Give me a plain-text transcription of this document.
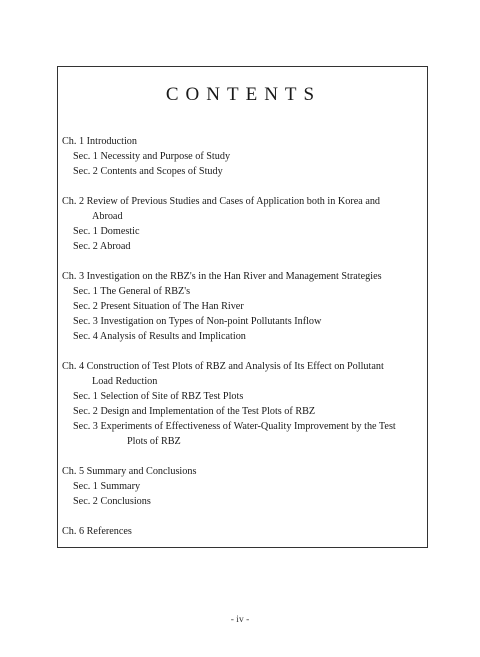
CONTENTS
Ch. 1 Introduction
Sec. 1 Necessity and Purpose of Study
Sec. 2 Contents and Scopes of Study
Ch. 2 Review of Previous Studies and Cases of Application both in Korea and
Abroad
Sec. 1 Domestic
Sec. 2 Abroad
Ch. 3 Investigation on the RBZ's in the Han River and Management Strategies
Sec. 1 The General of RBZ's
Sec. 2 Present Situation of The Han River
Sec. 3 Investigation on Types of Non-point Pollutants Inflow
Sec. 4 Analysis of Results and Implication
Ch. 4 Construction of Test Plots of RBZ and Analysis of Its Effect on Pollutant
Load Reduction
Sec. 1 Selection of Site of RBZ Test Plots
Sec. 2 Design and Implementation of the Test Plots of RBZ
Sec. 3 Experiments of Effectiveness of Water-Quality Improvement by the Test
Plots of RBZ
Ch. 5 Summary and Conclusions
Sec. 1 Summary
Sec. 2 Conclusions
Ch. 6 References
- iv -
